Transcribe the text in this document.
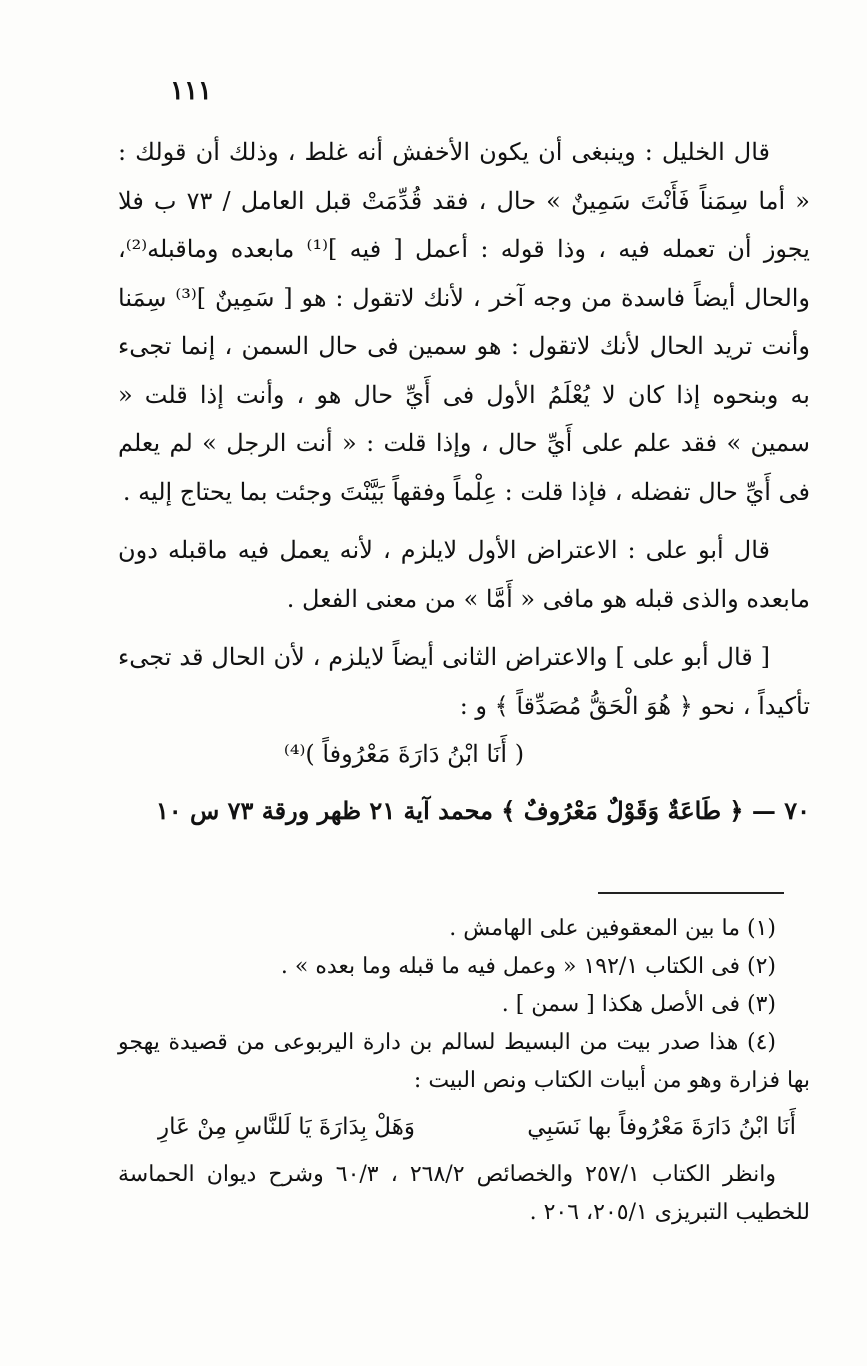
١١١

قال الخليل : وينبغى أن يكون الأخفش أنه غلط ، وذلك أن قولك : « أما سِمَناً فَأَنْتَ سَمِينٌ » حال ، فقد قُدِّمَتْ قبل العامل / ٧٣ ب فلا يجوز أن تعمله فيه ، وذا قوله : أعمل [ فيه ]⁽¹⁾ مابعده وماقبله⁽²⁾، والحال أيضاً فاسدة من وجه آخر ، لأنك لاتقول : هو [ سَمِينٌ ]⁽³⁾ سِمَنا وأنت تريد الحال لأنك لاتقول : هو سمين فى حال السمن ، إنما تجىء به وبنحوه إذا كان لا يُعْلَمُ الأول فى أَيِّ حال هو ، وأنت إذا قلت « سمين » فقد علم على أَيِّ حال ، وإذا قلت : « أنت الرجل » لم يعلم فى أَيِّ حال تفضله ، فإذا قلت : عِلْماً وفقهاً بَيَّنْتَ وجئت بما يحتاج إليه .

قال أبو على : الاعتراض الأول لايلزم ، لأنه يعمل فيه ماقبله دون مابعده والذى قبله هو مافى « أَمَّا » من معنى الفعل .

[ قال أبو على ] والاعتراض الثانى أيضاً لايلزم ، لأن الحال قد تجىء تأكيداً ، نحو ﴿ هُوَ الْحَقُّ مُصَدِّقاً ﴾ و :

( أَنَا ابْنُ دَارَةَ مَعْرُوفاً )⁽⁴⁾

٧٠ — ﴿ طَاعَةٌ وَقَوْلٌ مَعْرُوفٌ ﴾ محمد آية ٢١ ظهر ورقة ٧٣ س ١٠

(١) ما بين المعقوفين على الهامش .

(٢) فى الكتاب ١٩٢/١ « وعمل فيه ما قبله وما بعده » .

(٣) فى الأصل هكذا [ سمن ] .

(٤) هذا صدر بيت من البسيط لسالم بن دارة اليربوعى من قصيدة يهجو بها فزارة وهو من أبيات الكتاب ونص البيت :

أَنَا ابْنُ دَارَةَ مَعْرُوفاً بها نَسَبِي
وَهَلْ بِدَارَةَ يَا لَلنَّاسِ مِنْ عَارِ

وانظر الكتاب ٢٥٧/١ والخصائص ٢٦٨/٢ ، ٦٠/٣ وشرح ديوان الحماسة للخطيب التبريزى ٢٠٥/١، ٢٠٦ .
